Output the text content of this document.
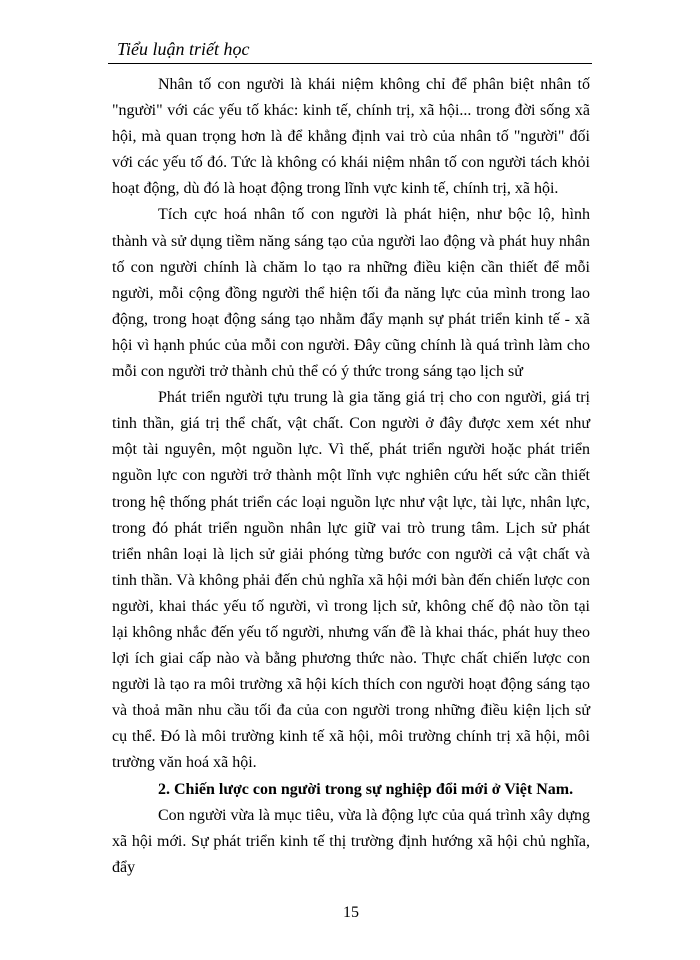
Tiểu luận triết học

Nhân tố con người là khái niệm không chỉ để phân biệt nhân tố "người" với các yếu tố khác: kinh tế, chính trị, xã hội... trong đời sống xã hội, mà quan trọng hơn là để khẳng định vai trò của nhân tố "người" đối với các yếu tố đó. Tức là không có khái niệm nhân tố con người tách khỏi hoạt động, dù đó là hoạt động trong lĩnh vực kinh tế, chính trị, xã hội.

Tích cực hoá nhân tố con người là phát hiện, như bộc lộ, hình thành và sử dụng tiềm năng sáng tạo của người lao động và phát huy nhân tố con người chính là chăm lo tạo ra những điều kiện cần thiết để mỗi người, mỗi cộng đồng người thể hiện tối đa năng lực của mình trong lao động, trong hoạt động sáng tạo nhằm đẩy mạnh sự phát triển kinh tế - xã hội vì hạnh phúc của mỗi con người. Đây cũng chính là quá trình làm cho mỗi con người trở thành chủ thể có ý thức trong sáng tạo lịch sử

Phát triển người tựu trung là gia tăng giá trị cho con người, giá trị tinh thần, giá trị thể chất, vật chất. Con người ở đây được xem xét như một tài nguyên, một nguồn lực. Vì thế, phát triển người hoặc phát triển nguồn lực con người trở thành một lĩnh vực nghiên cứu hết sức cần thiết trong hệ thống phát triển các loại nguồn lực như vật lực, tài lực, nhân lực, trong đó phát triển nguồn nhân lực giữ vai trò trung tâm. Lịch sử phát triển nhân loại là lịch sử giải phóng từng bước con người cả vật chất và tinh thần. Và không phải đến chủ nghĩa xã hội mới bàn đến chiến lược con người, khai thác yếu tố người, vì trong lịch sử, không chế độ nào tồn tại lại không nhắc đến yếu tố người, nhưng vấn đề là khai thác, phát huy theo lợi ích giai cấp nào và bằng phương thức nào. Thực chất chiến lược con người là tạo ra môi trường xã hội kích thích con người hoạt động sáng tạo và thoả mãn nhu cầu tối đa của con người trong những điều kiện lịch sử cụ thể. Đó là môi trường kinh tế xã hội, môi trường chính trị xã hội, môi trường văn hoá xã hội.

2. Chiến lược con người trong sự nghiệp đổi mới ở Việt Nam.

Con người vừa là mục tiêu, vừa là động lực của quá trình xây dựng xã hội mới. Sự phát triển kinh tế thị trường định hướng xã hội chủ nghĩa, đẩy

15
